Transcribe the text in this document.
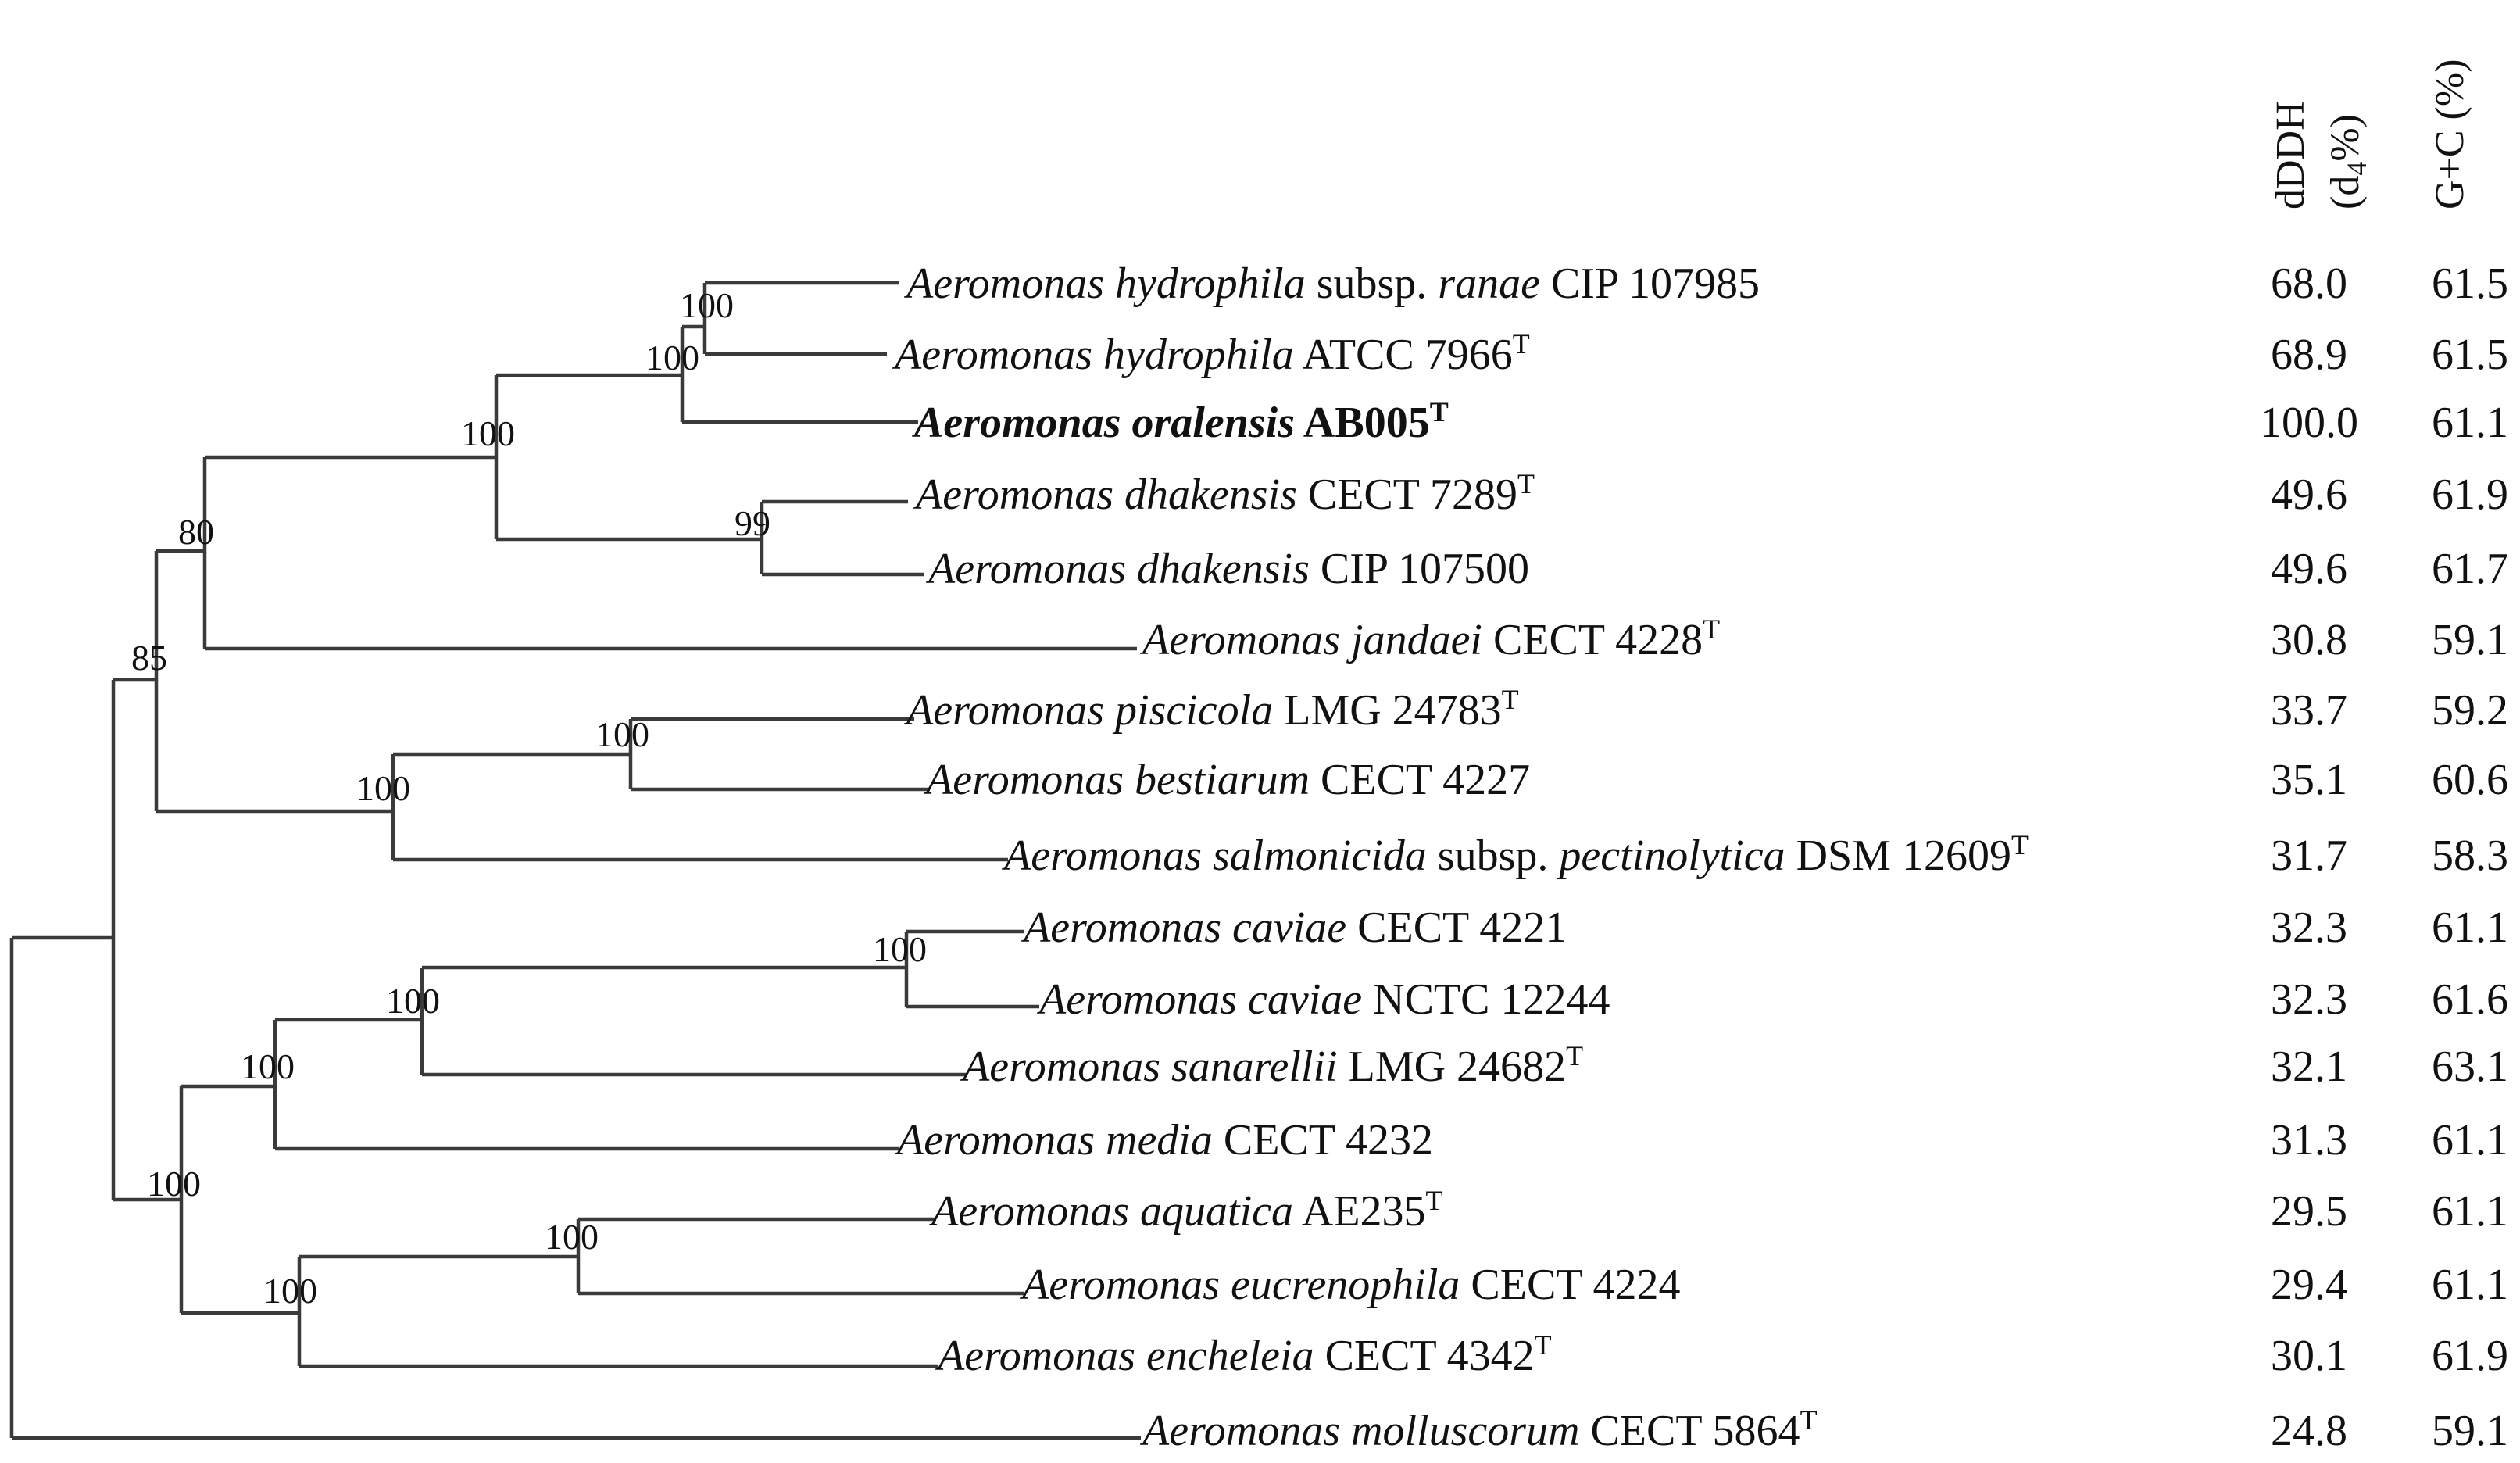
100
100
100
99
80
85
100
100
100
100
100
100
100
100
Aeromonas hydrophila subsp. ranae CIP 107985
Aeromonas hydrophila ATCC $7966^T$
Aeromonas oralensis $AB005^T$
Aeromonas dhakensis CECT $7289^T$
Aeromonas dhakensis CIP 107500
Aeromonas jandaei CECT $4228^T$
Aeromonas piscicola LMG $24783^T$
Aeromonas bestiarum CECT 4227
Aeromonas salmonicida subsp. pectinolytica DSM $12609^T$
Aeromonas caviae CECT 4221
Aeromonas caviae NCTC 12244
Aeromonas sanarellii LMG $24682^T$
Aeromonas media CECT 4232
Aeromonas aquatica $AE235^T$
Aeromonas eucrenophila CECT 4224
Aeromonas encheleia CECT $4342^T$
Aeromonas molluscorum CECT $5864^T$
68.0 61.5
68.9 61.5
100.0 61.1
49.6 61.9
49.6 61.7
30.8 59.1
33.7 59.2
35.1 60.6
31.7 58.3
32.3 61.1
32.3 61.6
32.1 63.1
31.3 61.1
29.5 61.1
29.4 61.1
30.1 61.9
24.8 59.1
dDDH (d4%) G+C (%)
